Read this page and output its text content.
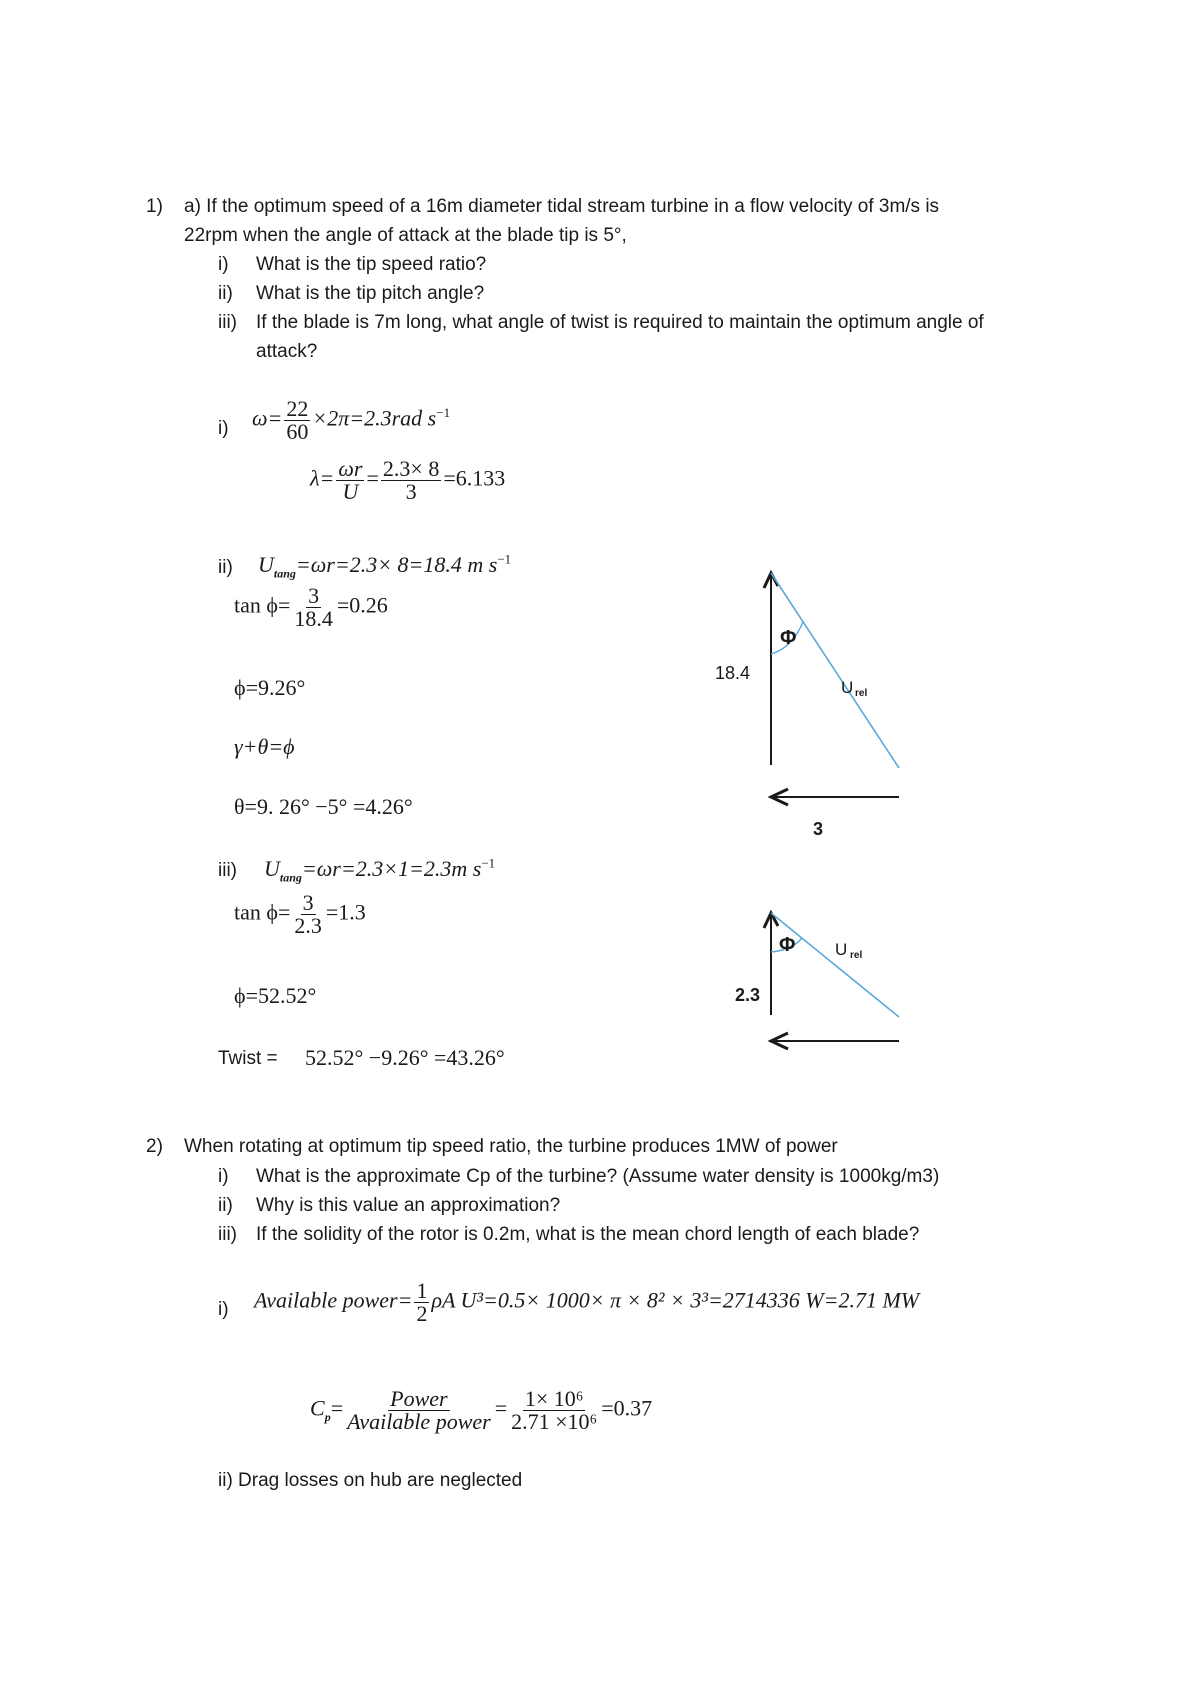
1) a) If the optimum speed of a 16m diameter tidal stream turbine in a flow velocity of 3m/s is
22rpm when the angle of attack at the blade tip is 5°,
i) What is the tip speed ratio?
ii) What is the tip pitch angle?
iii) If the blade is 7m long, what angle of twist is required to maintain the optimum angle of
attack?
i) $\omega= \frac{22}{60} \times 2\pi=2.3rad$ $s^{-1}$
$\lambda= \frac{\omega r}{U} = \frac{2.3\times 8}{3} =6.133$
ii) $U_{tang}=\omega r=2.3\times 8=18.4$ m $s^{-1}$
$\tan \phi= \frac{3}{18.4} =0.26$
ϕ=9.26°
γ+θ=ϕ
θ=9. 26° −5° =4.26°
iii) $U_{tang}=\omega r=2.3\times 1=2.3m$ $s^{-1}$
$\tan \phi= \frac{3}{2.3} =1.3$
ϕ=52.52°
Twist = 52.52° −9.26° =43.26°
Φ
18.4
U rel
3
Φ U rel
2.3
2) When rotating at optimum tip speed ratio, the turbine produces 1MW of power
i) What is the approximate Cp of the turbine? (Assume water density is 1000kg/m3)
ii) Why is this value an approximation?
iii) If the solidity of the rotor is 0.2m, what is the mean chord length of each blade?
i) Available power= $\frac{1}{2}$ ρA U³=0.5× 1000× π × 8² × 3³=2714336 W=2.71 MW
$C_p= \frac{\text{Power}}{\text{Available power}} = \frac{\text{1× 10⁶}}{\text{2.71 ×10⁶}} =0.37$
ii) Drag losses on hub are neglected
